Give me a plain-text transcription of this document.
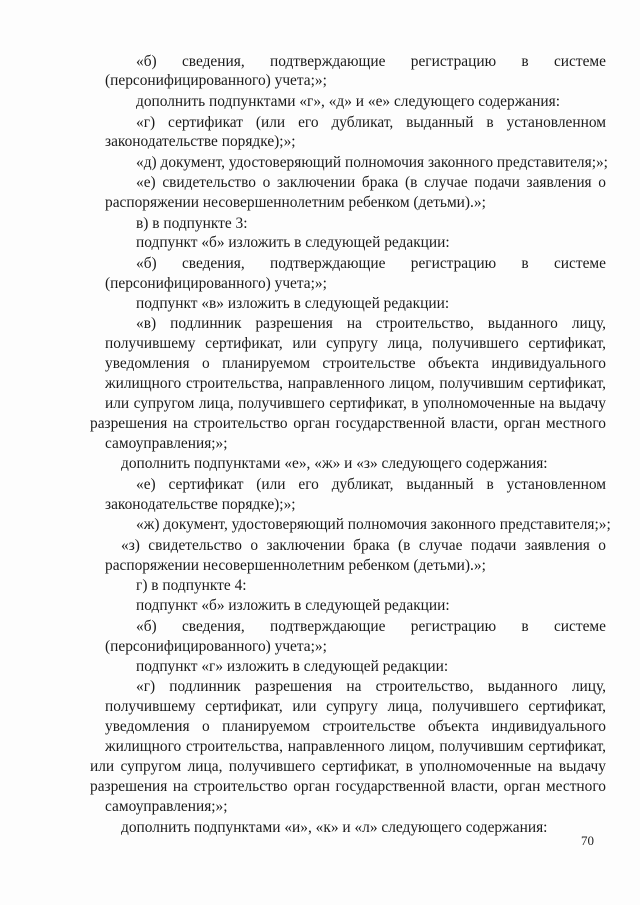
«б) сведения, подтверждающие регистрацию в системе
(персонифицированного) учета;»;
дополнить подпунктами «г», «д» и «е» следующего содержания:
«г) сертификат (или его дубликат, выданный в установленном
законодательстве порядке);»;
«д) документ, удостоверяющий полномочия законного представителя;»;
«е) свидетельство о заключении брака (в случае подачи заявления о
распоряжении несовершеннолетним ребенком (детьми).»;
в) в подпункте 3:
подпункт «б» изложить в следующей редакции:
«б) сведения, подтверждающие регистрацию в системе
(персонифицированного) учета;»;
подпункт «в» изложить в следующей редакции:
«в) подлинник разрешения на строительство, выданного лицу,
получившему сертификат, или супругу лица, получившего сертификат,
уведомления о планируемом строительстве объекта индивидуального
жилищного строительства, направленного лицом, получившим сертификат,
или супругом лица, получившего сертификат, в уполномоченные на выдачу
разрешения на строительство орган государственной власти, орган местного
самоуправления;»;
дополнить подпунктами «е», «ж» и «з» следующего содержания:
«е) сертификат (или его дубликат, выданный в установленном
законодательстве порядке);»;
«ж) документ, удостоверяющий полномочия законного представителя;»;
«з) свидетельство о заключении брака (в случае подачи заявления о
распоряжении несовершеннолетним ребенком (детьми).»;
г) в подпункте 4:
подпункт «б» изложить в следующей редакции:
«б) сведения, подтверждающие регистрацию в системе
(персонифицированного) учета;»;
подпункт «г» изложить в следующей редакции:
«г) подлинник разрешения на строительство, выданного лицу,
получившему сертификат, или супругу лица, получившего сертификат,
уведомления о планируемом строительстве объекта индивидуального
жилищного строительства, направленного лицом, получившим сертификат,
или супругом лица, получившего сертификат, в уполномоченные на выдачу
разрешения на строительство орган государственной власти, орган местного
самоуправления;»;
дополнить подпунктами «и», «к» и «л» следующего содержания:
70
